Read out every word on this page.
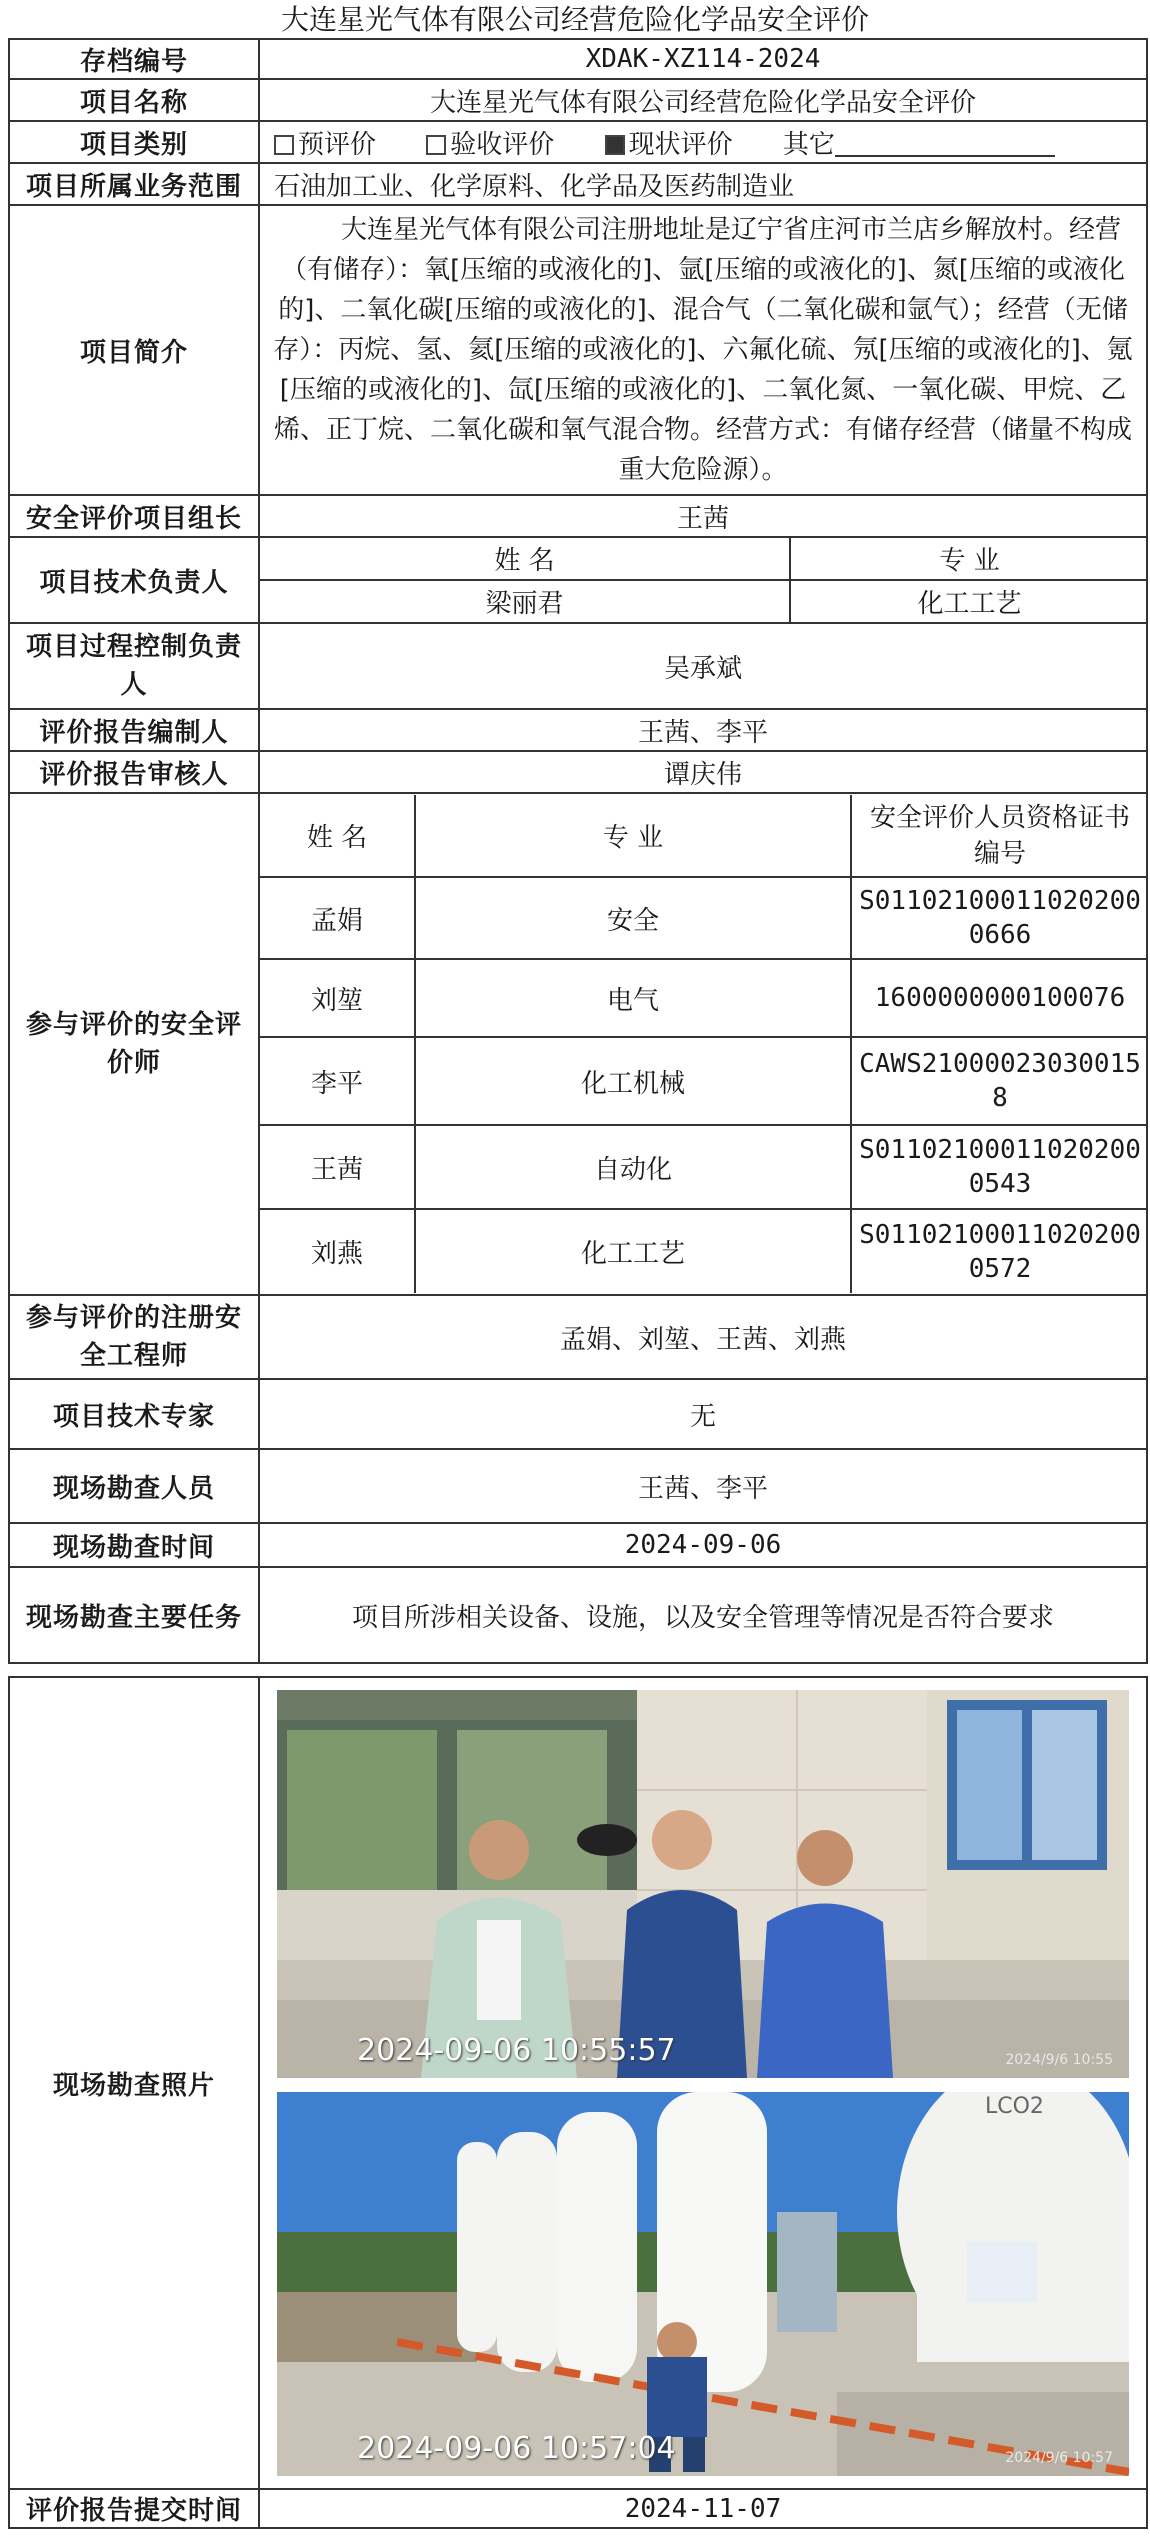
大连星光气体有限公司经营危险化学品安全评价
存档编号	XDAK-XZ114-2024
项目名称	大连星光气体有限公司经营危险化学品安全评价
项目类别	预评价	验收评价	现状评价 其它
项目所属业务范围	石油加工业、化学原料、化学品及医药制造业
项目简介	大连星光气体有限公司注册地址是辽宁省庄河市兰店乡解放村。经营（有储存）：氧[压缩的或液化的]、氩[压缩的或液化的]、氮[压缩的或液化的]、二氧化碳[压缩的或液化的]、混合气（二氧化碳和氩气）；经营（无储存）：丙烷、氢、氦[压缩的或液化的]、六氟化硫、氖[压缩的或液化的]、氪[压缩的或液化的]、氙[压缩的或液化的]、二氧化氮、一氧化碳、甲烷、乙烯、正丁烷、二氧化碳和氧气混合物。经营方式：有储存经营（储量不构成重大危险源）。
安全评价项目组长	王茜
项目技术负责人	
姓 名	专 业
梁丽君	化工工艺

项目过程控制负责人	吴承斌
评价报告编制人	王茜、李平
评价报告审核人	谭庆伟
参与评价的安全评价师	
姓 名	专 业	安全评价人员资格证书编号
孟娟	安全	S011021000110202000666
刘堃	电气	1600000000100076
李平	化工机械	CAWS210000230300158
王茜	自动化	S011021000110202000543
刘燕	化工工艺	S011021000110202000572

参与评价的注册安全工程师	孟娟、刘堃、王茜、刘燕
项目技术专家	无
现场勘查人员	王茜、李平
现场勘查时间	2024-09-06
现场勘查主要任务	项目所涉相关设备、设施，以及安全管理等情况是否符合要求
现场勘查照片	2024-09-06 10:55:57 2024/9/6 10:55
LCO2
2024-09-06 10:57:04 2024/9/6 10:57

评价报告提交时间	2024-11-07
